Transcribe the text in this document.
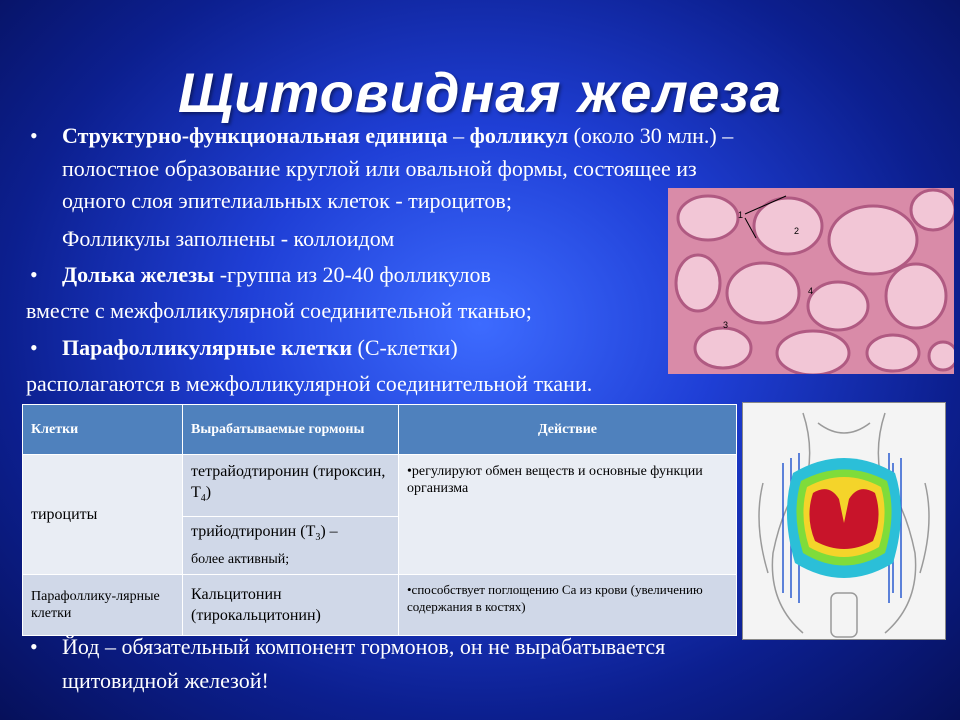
Щитовидная железа
• Структурно-функциональная единица – фолликул (около 30 млн.) –
полостное образование круглой или овальной формы, состоящее из
одного слоя эпителиальных клеток - тироцитов;
Фолликулы заполнены - коллоидом
• Долька железы -группа из 20-40 фолликулов
вместе с межфолликулярной соединительной тканью;
• Парафолликулярные клетки (С-клетки)
располагаются в межфолликулярной соединительной ткани.
1
2
3
4
Клетки	Вырабатываемые гормоны	Действие
тироциты	тетрайодтиронин (тироксин, $Т_4$)	•регулируют обмен веществ и основные функции организма
	трийодтиронин $(Т_3)$ –
более активный;	
Парафоллику-лярные клетки	Кальцитонин (тирокальцитонин)	•способствует поглощению Са из крови (увеличению содержания в костях)
• Йод – обязательный компонент гормонов, он не вырабатывается
щитовидной железой!
